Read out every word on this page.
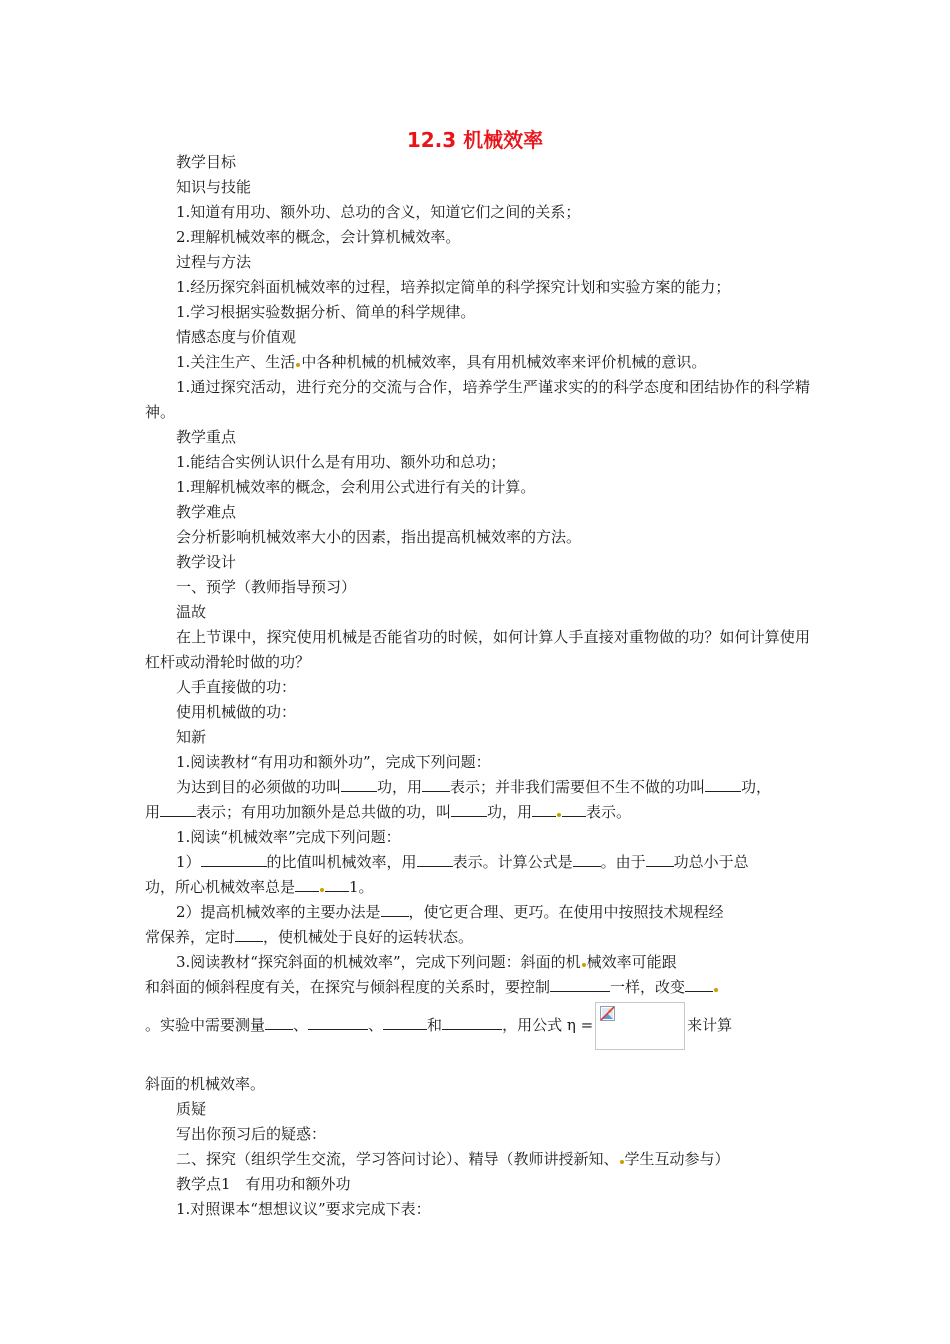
12.3 机械效率
教学目标
知识与技能
1.知道有用功、额外功、总功的含义，知道它们之间的关系；
2.理解机械效率的概念，会计算机械效率。
过程与方法
1.经历探究斜面机械效率的过程，培养拟定简单的科学探究计划和实验方案的能力；
1.学习根据实验数据分析、简单的科学规律。
情感态度与价值观
1.关注生产、生活 中各种机械的机械效率，具有用机械效率来评价机械的意识。
1.通过探究活动，进行充分的交流与合作，培养学生严谨求实的的科学态度和团结协作的科学精神。
教学重点
1.能结合实例认识什么是有用功、额外功和总功；
1.理解机械效率的概念，会利用公式进行有关的计算。
教学难点
会分析影响机械效率大小的因素，指出提高机械效率的方法。
教学设计
一、预学（教师指导预习）
温故
在上节课中，探究使用机械是否能省功的时候，如何计算人手直接对重物做的功？如何计算使用杠杆或动滑轮时做的功？
人手直接做的功：
使用机械做的功：
知新
1.阅读教材“有用功和额外功”，完成下列问题：
为达到目的必须做的功叫 功，用 表示；并非我们需要但不生不做的功叫 功，
用 表示；有用功加额外是总共做的功，叫 功，用	表示。
1.阅读“机械效率”完成下列问题：
1）	的比值叫机械效率，用 表示。计算公式是 。由于 功总小于总
功，所心机械效率总是	1。
2）提高机械效率的主要办法是 ，使它更合理、更巧。在使用中按照技术规程经
常保养，定时 ，使机械处于良好的运转状态。
3.阅读教材“探究斜面的机械效率”，完成下列问题：斜面的机 械效率可能跟
和斜面的倾斜程度有关，在探究与倾斜程度的关系时，要控制	一样，改变
。实验中需要测量 、	、	和	，用公式 η =	来计算
斜面的机械效率。
质疑
写出你预习后的疑惑：
二、探究（组织学生交流，学习答问讨论）、精导（教师讲授新知、 学生互动参与）
教学点1　有用功和额外功
1.对照课本“想想议议”要求完成下表：
